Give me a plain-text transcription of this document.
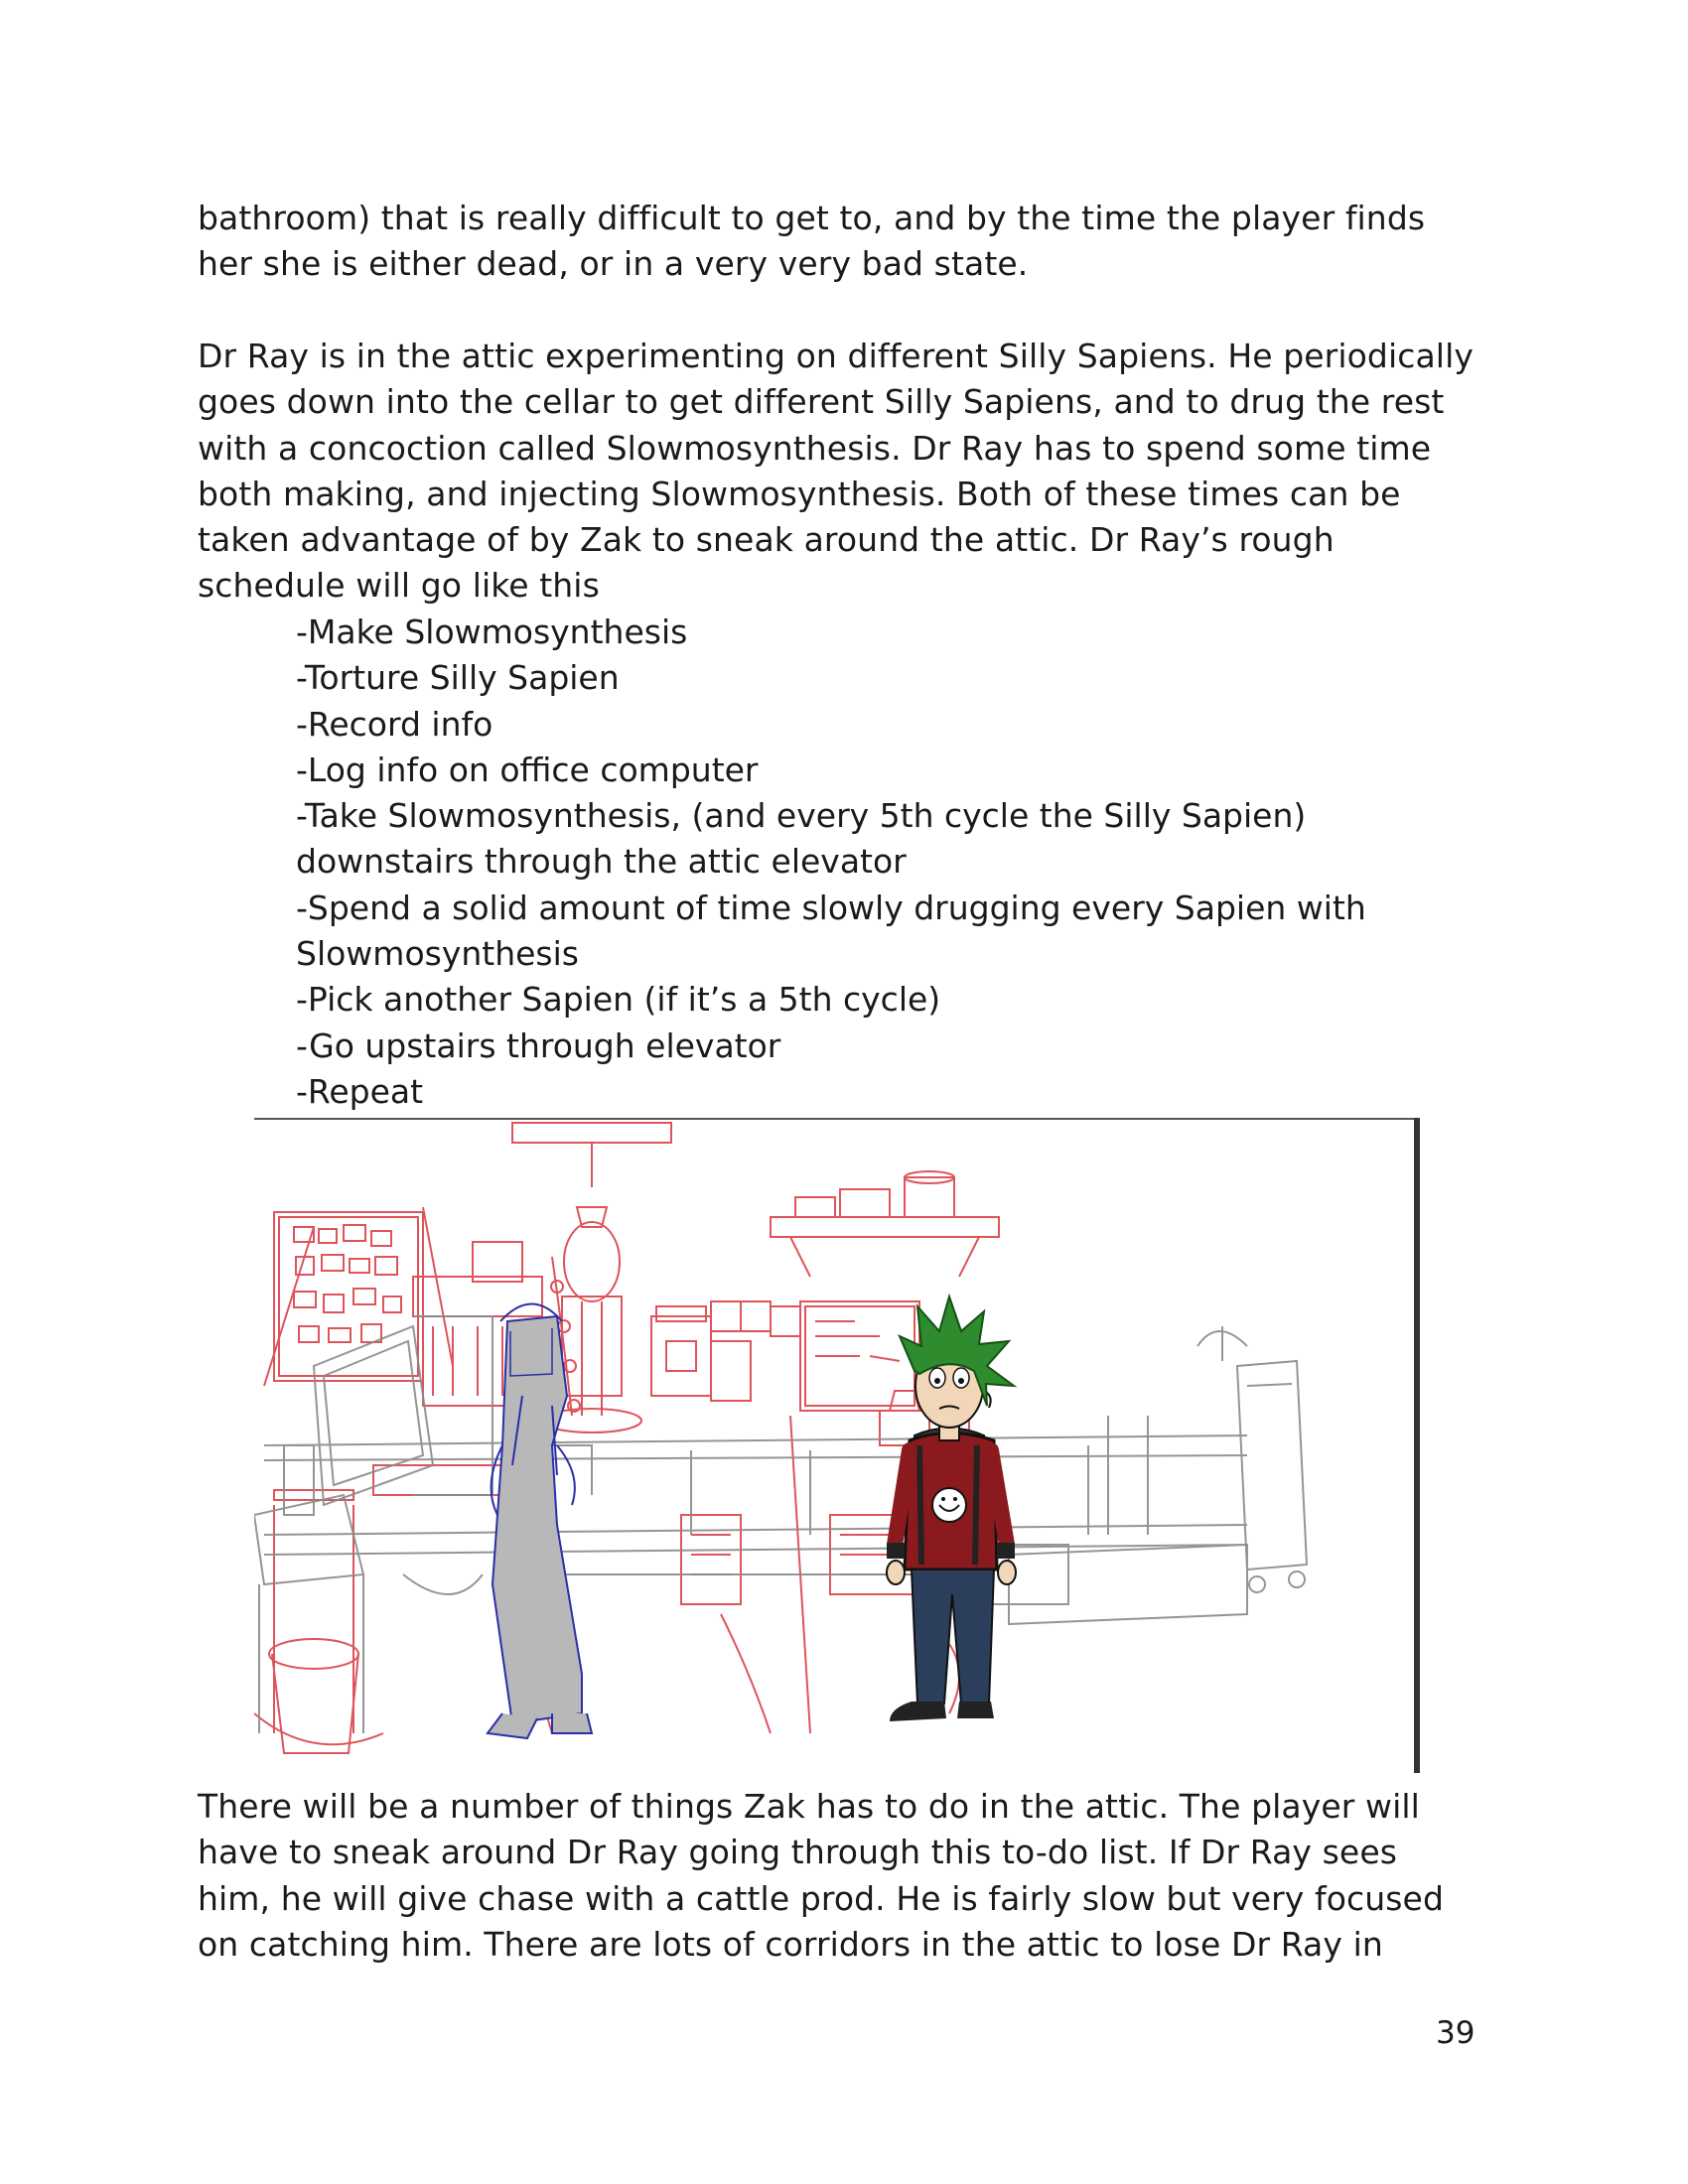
bathroom) that is really difficult to get to, and by the time the player finds

her she is either dead, or in a very very bad state.

Dr Ray is in the attic experimenting on different Silly Sapiens. He periodically

goes down into the cellar to get different Silly Sapiens, and to drug the rest

with a concoction called Slowmosynthesis. Dr Ray has to spend some time

both making, and injecting Slowmosynthesis. Both of these times can be

taken advantage of by Zak to sneak around the attic. Dr Ray’s rough

schedule will go like this

-Make Slowmosynthesis
-Torture Silly Sapien
-Record info
-Log info on office computer
-Take Slowmosynthesis, (and every 5th cycle the Silly Sapien)
downstairs through the attic elevator
-Spend a solid amount of time slowly drugging every Sapien with
Slowmosynthesis
-Pick another Sapien (if it’s a 5th cycle)
-Go upstairs through elevator
-Repeat

There will be a number of things Zak has to do in the attic. The player will

have to sneak around Dr Ray going through this to-do list. If Dr Ray sees

him, he will give chase with a cattle prod. He is fairly slow but very focused

on catching him. There are lots of corridors in the attic to lose Dr Ray in

39
